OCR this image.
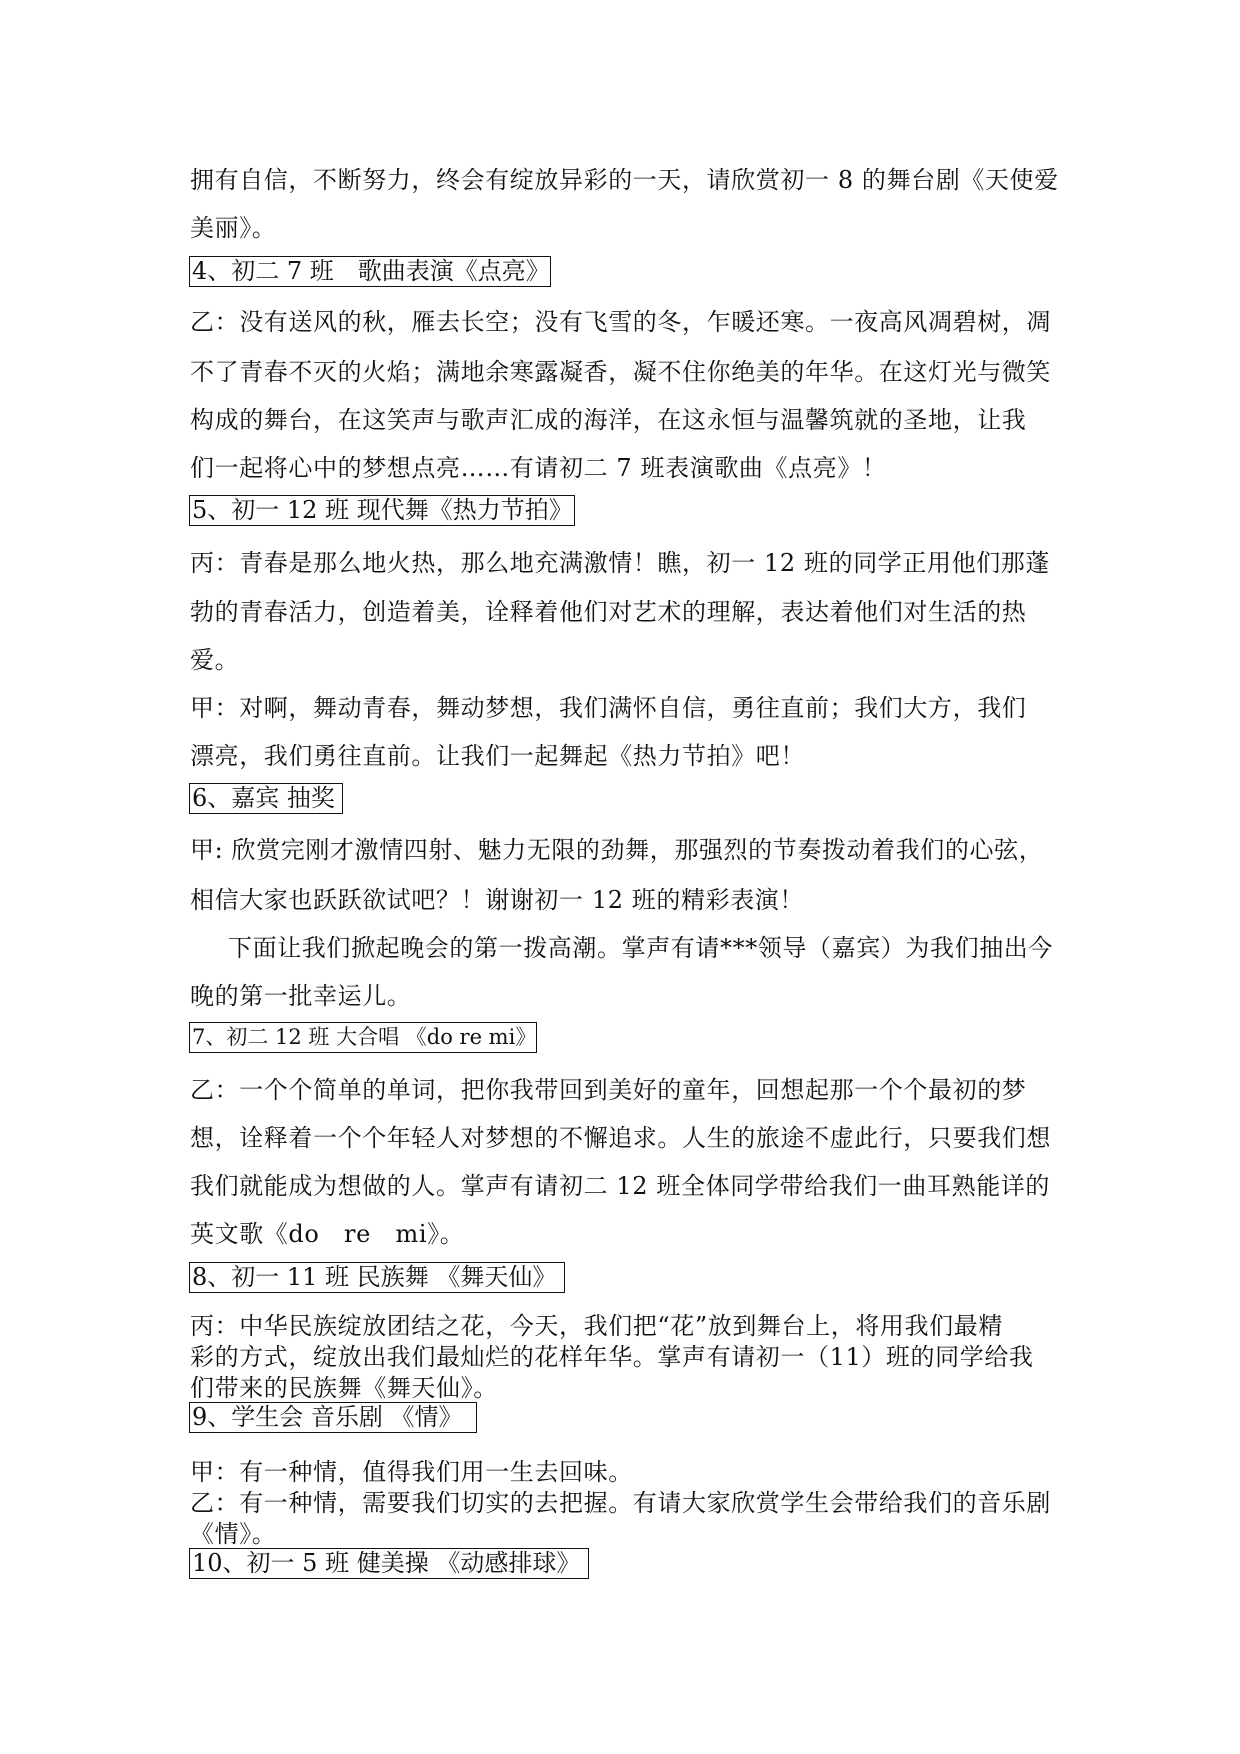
拥有自信，不断努力，终会有绽放异彩的一天，请欣赏初一 8 的舞台剧《天使爱
美丽》。
4、初二 7 班　歌曲表演《点亮》
乙：没有送风的秋，雁去长空；没有飞雪的冬，乍暖还寒。一夜高风凋碧树，凋
不了青春不灭的火焰；满地余寒露凝香，凝不住你绝美的年华。在这灯光与微笑
构成的舞台，在这笑声与歌声汇成的海洋，在这永恒与温馨筑就的圣地，让我
们一起将心中的梦想点亮……有请初二 7 班表演歌曲《点亮》！
5、初一 12 班 现代舞《热力节拍》
丙：青春是那么地火热，那么地充满激情！瞧，初一 12 班的同学正用他们那蓬
勃的青春活力，创造着美，诠释着他们对艺术的理解，表达着他们对生活的热
爱。
甲：对啊，舞动青春，舞动梦想，我们满怀自信，勇往直前；我们大方，我们
漂亮，我们勇往直前。让我们一起舞起《热力节拍》吧！
6、嘉宾 抽奖
甲: 欣赏完刚才激情四射、魅力无限的劲舞，那强烈的节奏拨动着我们的心弦，
相信大家也跃跃欲试吧？！谢谢初一 12 班的精彩表演！
下面让我们掀起晚会的第一拨高潮。掌声有请***领导（嘉宾）为我们抽出今
晚的第一批幸运儿。
7、初二 12 班 大合唱 《do re mi》
乙：一个个简单的单词，把你我带回到美好的童年，回想起那一个个最初的梦
想，诠释着一个个年轻人对梦想的不懈追求。人生的旅途不虚此行，只要我们想
我们就能成为想做的人。掌声有请初二 12 班全体同学带给我们一曲耳熟能详的
英文歌《do　re　mi》。
8、初一 11 班 民族舞 《舞天仙》
丙：中华民族绽放团结之花，今天，我们把“花”放到舞台上，将用我们最精
彩的方式，绽放出我们最灿烂的花样年华。掌声有请初一（11）班的同学给我
们带来的民族舞《舞天仙》。
9、学生会 音乐剧 《情》
甲：有一种情，值得我们用一生去回味。
乙：有一种情，需要我们切实的去把握。有请大家欣赏学生会带给我们的音乐剧
《情》。
10、初一 5 班 健美操 《动感排球》
